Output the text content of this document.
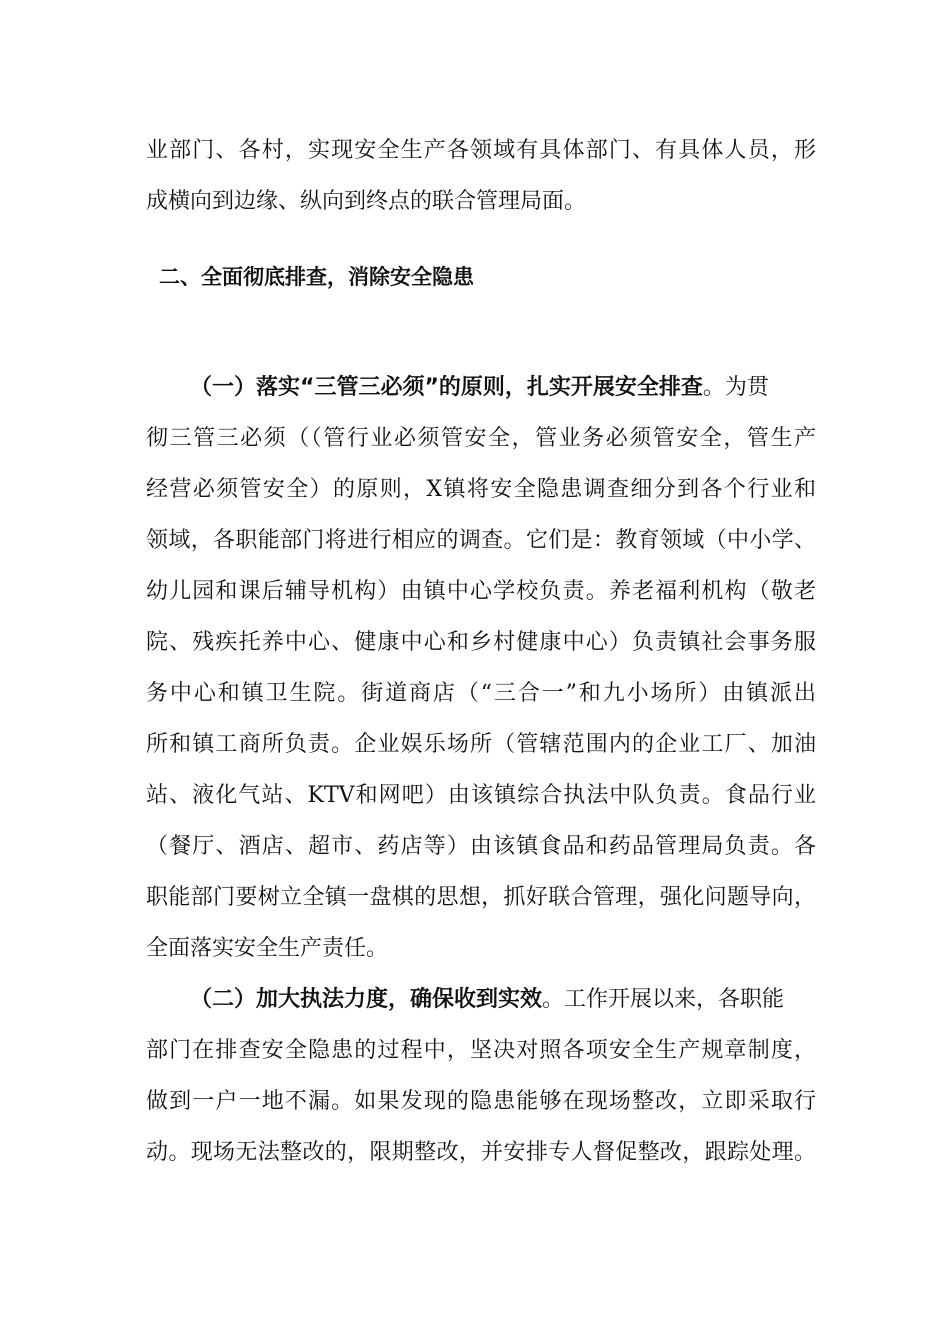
业部门、各村，实现安全生产各领域有具体部门、有具体人员，形
成横向到边缘、纵向到终点的联合管理局面。
二、全面彻底排查，消除安全隐患
（一）落实“三管三必须”的原则，扎实开展安全排查。为贯
彻三管三必须（（管行业必须管安全，管业务必须管安全，管生产
经营必须管安全）的原则，X镇将安全隐患调查细分到各个行业和
领域，各职能部门将进行相应的调查。它们是：教育领域（中小学、
幼儿园和课后辅导机构）由镇中心学校负责。养老福利机构（敬老
院、残疾托养中心、健康中心和乡村健康中心）负责镇社会事务服
务中心和镇卫生院。街道商店（“三合一”和九小场所）由镇派出
所和镇工商所负责。企业娱乐场所（管辖范围内的企业工厂、加油
站、液化气站、KTV和网吧）由该镇综合执法中队负责。食品行业
（餐厅、酒店、超市、药店等）由该镇食品和药品管理局负责。各
职能部门要树立全镇一盘棋的思想，抓好联合管理，强化问题导向，
全面落实安全生产责任。
（二）加大执法力度，确保收到实效。工作开展以来，各职能
部门在排查安全隐患的过程中，坚决对照各项安全生产规章制度，
做到一户一地不漏。如果发现的隐患能够在现场整改，立即采取行
动。现场无法整改的，限期整改，并安排专人督促整改，跟踪处理。
